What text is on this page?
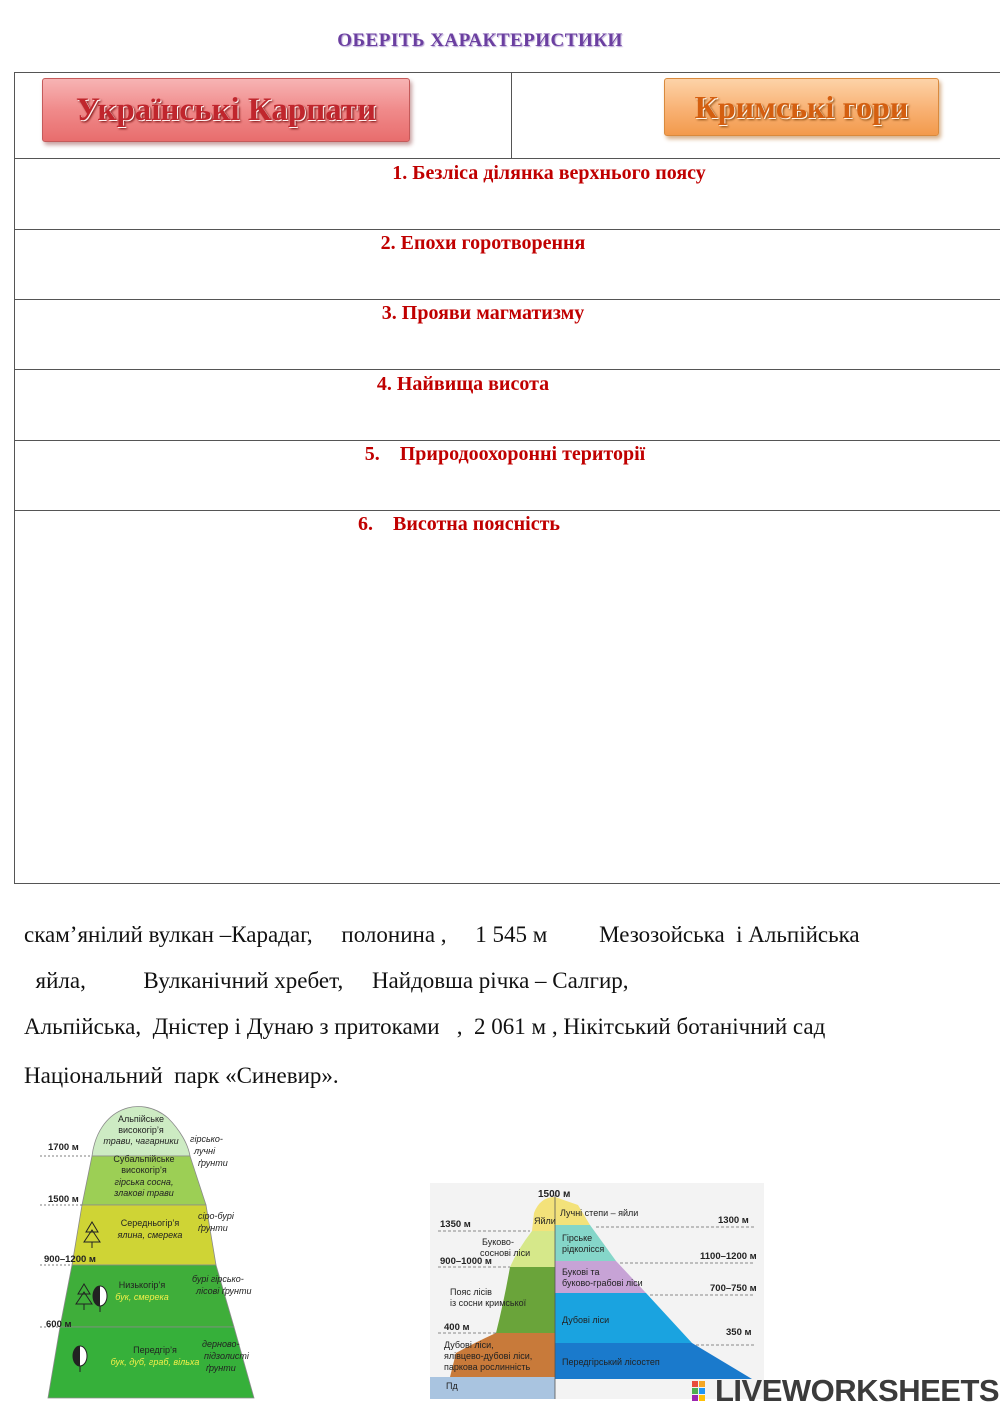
ОБЕРІТЬ ХАРАКТЕРИСТИКИ
Українські Карпати	Кримські гори
1. Безліса ділянка верхнього поясу
2. Епохи горотворення
3. Прояви магматизму
4. Найвища висота
5.    Природоохоронні території
6.    Висотна поясність
скам’янілий вулкан –Карадаг,     полонина ,     1 545 м         Мезозойська  і Альпійська
яйла,          Вулканічний хребет,     Найдовша річка – Салгир,
Альпійська,  Дністер і Дунаю з притоками   ,  2 061 м , Нікітський ботанічний сад
Національний  парк «Синевир».
1700 м
1500 м
900–1200 м
600 м
Альпійське
високогір’я
трави, чагарники
Субальпійське
високогір’я
гірська сосна,
злакові трави
Середньогір’я
ялина, смерека
Низькогір’я
бук, смерека
Передгір’я
бук, дуб, граб, вільха
гірсько-
лучні
ґрунти
сіро-бурі
ґрунти
бурі гірсько-
лісові ґрунти
дерново-
підзолисті
ґрунти
1500 м
1350 м
900–1000 м
400 м
1300 м
1100–1200 м
700–750 м
350 м
Яйли
Буково-
соснові ліси
Пояс лісів
із сосни кримської
Дубові ліси,
ялівцево-дубові ліси,
паркова рослинність
Пд
Лучні степи – яйли
Гірське
рідколісся
Букові та
буково-грабові ліси
Дубові ліси
Передгірський лісостеп
LIVEWORKSHEETS
